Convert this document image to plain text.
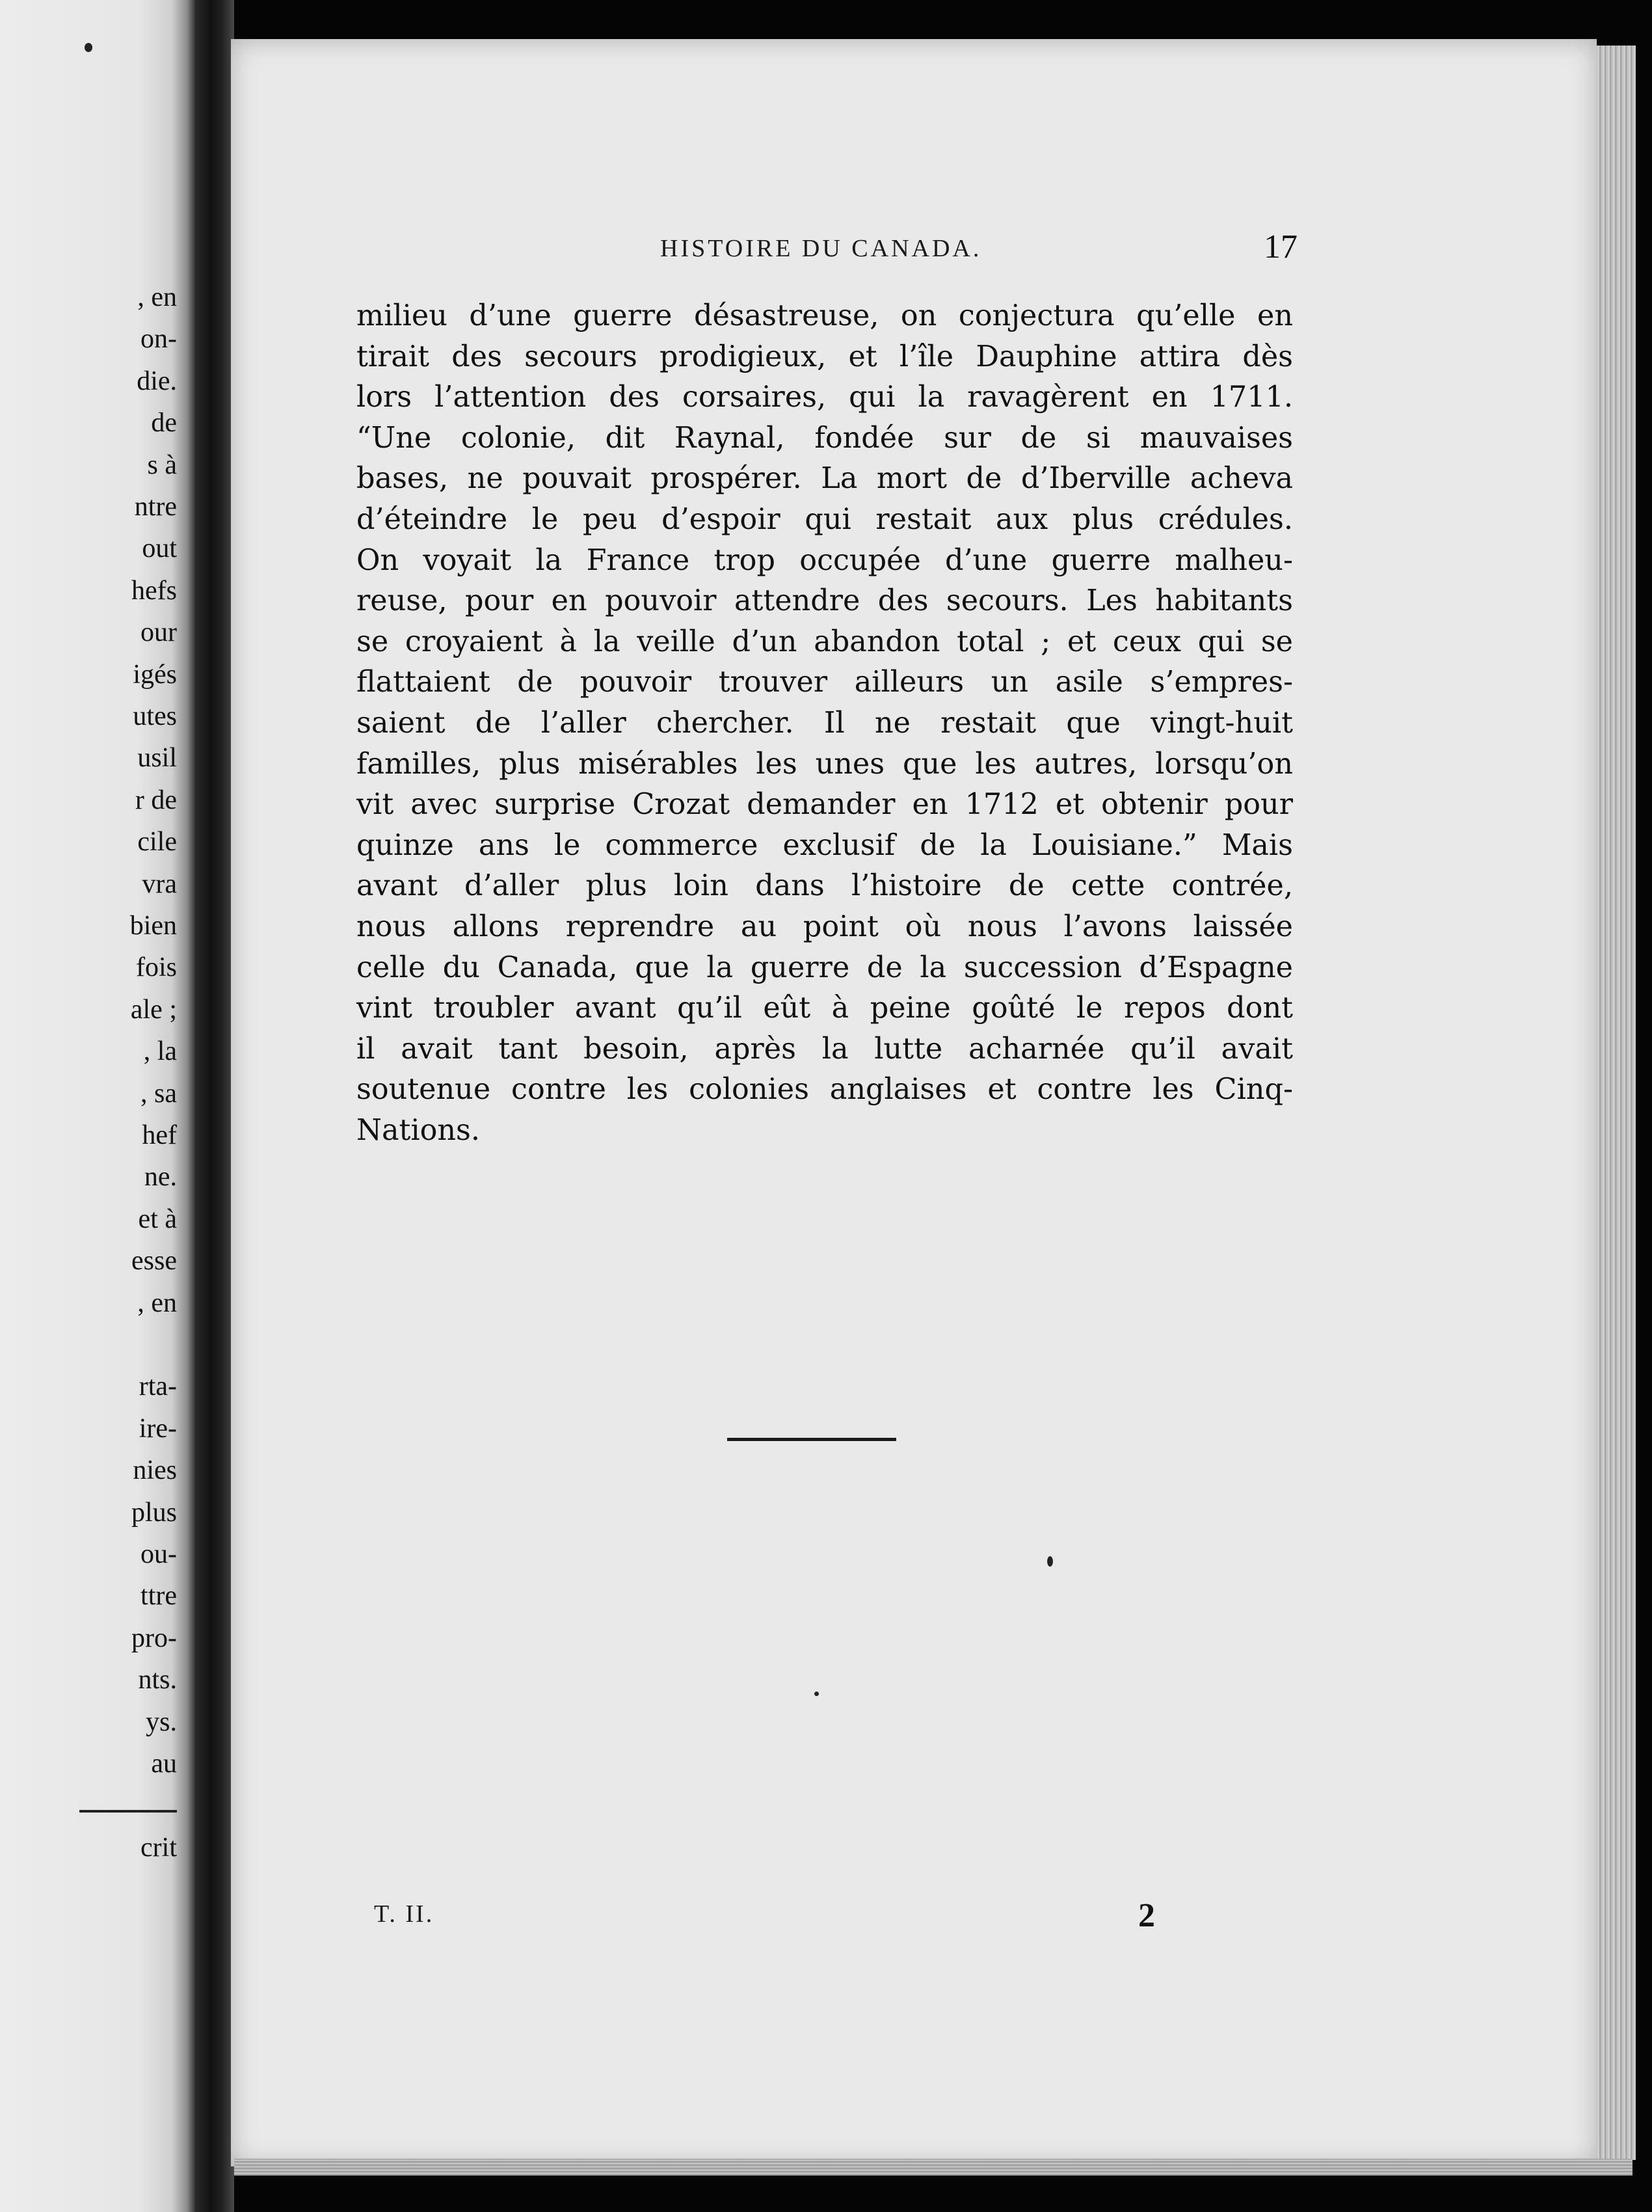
, en
on-
die.
de
s à
ntre
out
hefs
our
igés
utes
usil
r de
cile
vra
bien
fois
ale ;
, la
, sa
hef
ne.
et à
esse
, en
rta-
ire-
nies
plus
ou-
ttre
pro-
nts.
ys.
au
crit
HISTOIRE DU CANADA.	17
milieu d’une guerre désastreuse, on conjectura qu’elle en
tirait des secours prodigieux, et l’île Dauphine attira dès
lors l’attention des corsaires, qui la ravagèrent en 1711.
“Une colonie, dit Raynal, fondée sur de si mauvaises
bases, ne pouvait prospérer. La mort de d’Iberville acheva
d’éteindre le peu d’espoir qui restait aux plus crédules.
On voyait la France trop occupée d’une guerre malheu-
reuse, pour en pouvoir attendre des secours. Les habitants
se croyaient à la veille d’un abandon total ; et ceux qui se
flattaient de pouvoir trouver ailleurs un asile s’empres-
saient de l’aller chercher. Il ne restait que vingt-huit
familles, plus misérables les unes que les autres, lorsqu’on
vit avec surprise Crozat demander en 1712 et obtenir pour
quinze ans le commerce exclusif de la Louisiane.” Mais
avant d’aller plus loin dans l’histoire de cette contrée,
nous allons reprendre au point où nous l’avons laissée
celle du Canada, que la guerre de la succession d’Espagne
vint troubler avant qu’il eût à peine goûté le repos dont
il avait tant besoin, après la lutte acharnée qu’il avait
soutenue contre les colonies anglaises et contre les Cinq-
Nations.
T. II.	2
